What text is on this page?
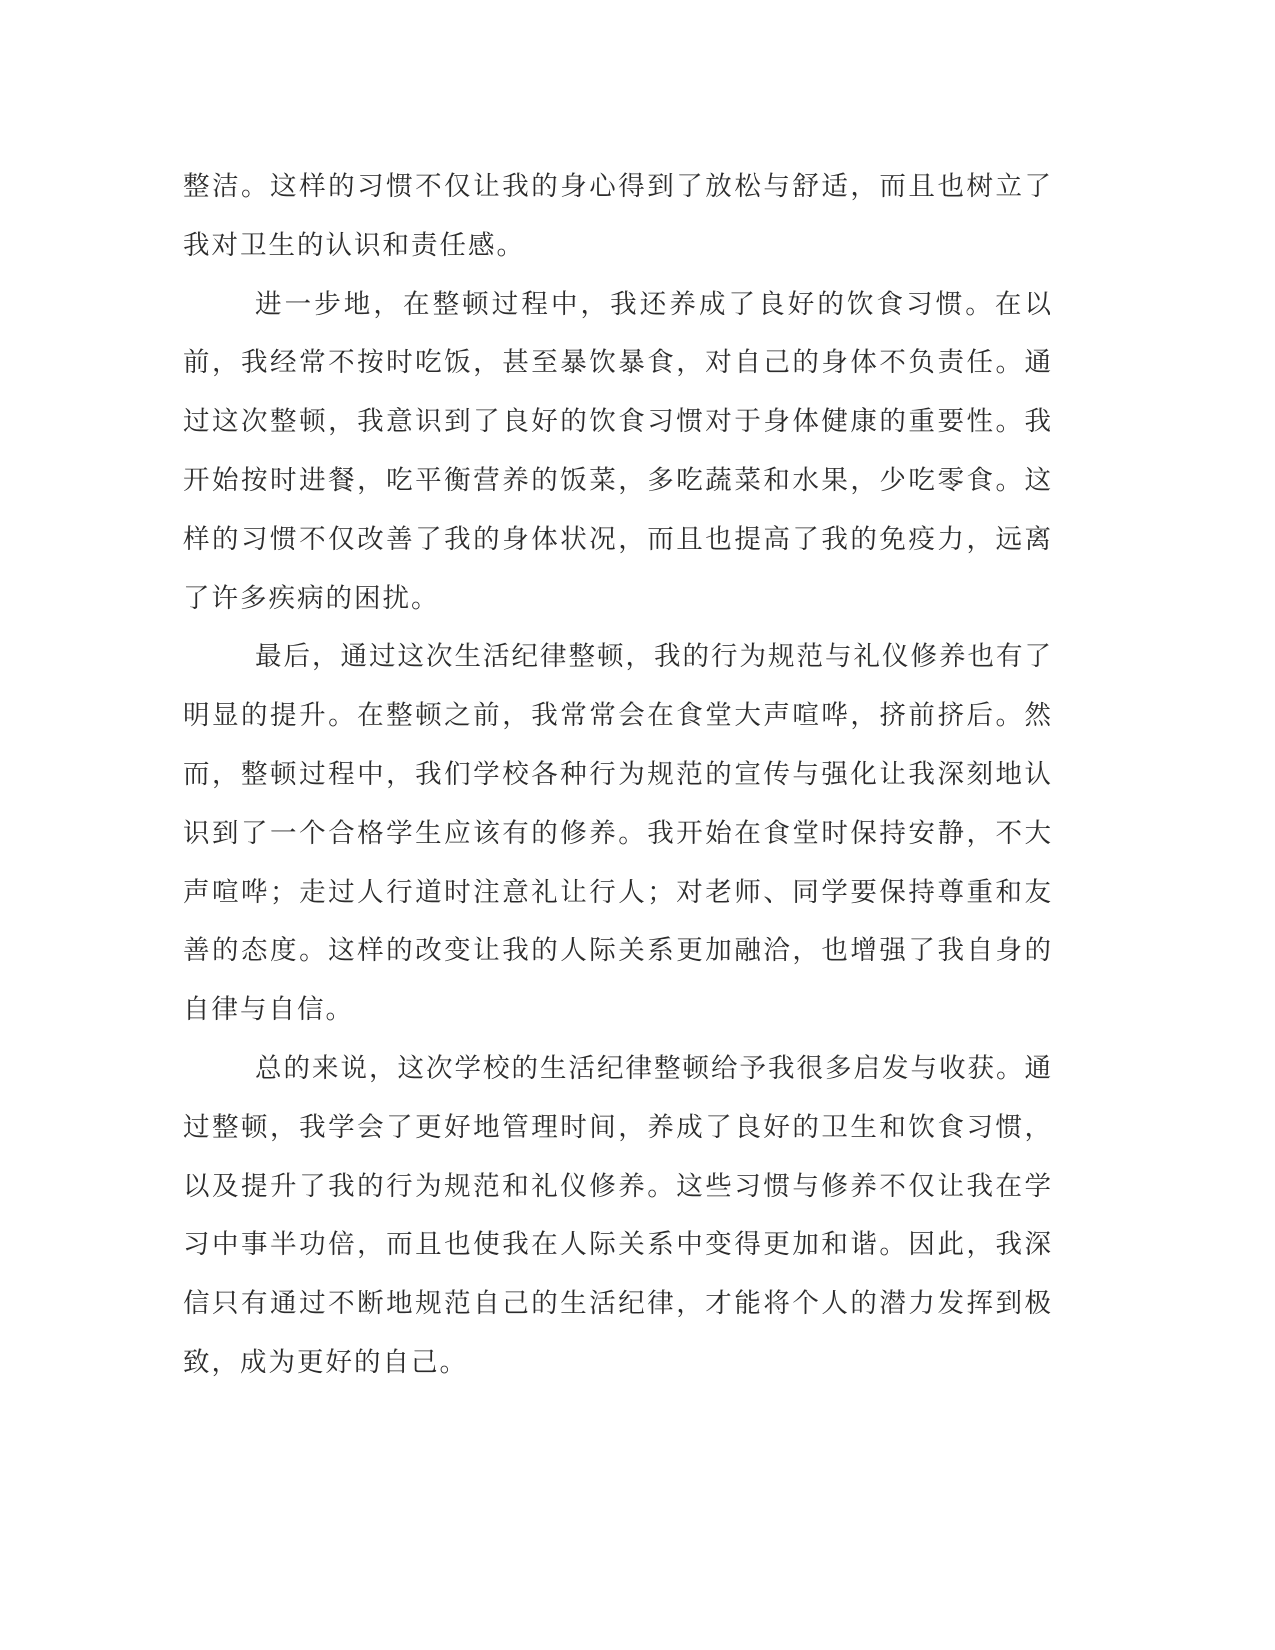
整洁。这样的习惯不仅让我的身心得到了放松与舒适，而且也树立了我对卫生的认识和责任感。

进一步地，在整顿过程中，我还养成了良好的饮食习惯。在以前，我经常不按时吃饭，甚至暴饮暴食，对自己的身体不负责任。通过这次整顿，我意识到了良好的饮食习惯对于身体健康的重要性。我开始按时进餐，吃平衡营养的饭菜，多吃蔬菜和水果，少吃零食。这样的习惯不仅改善了我的身体状况，而且也提高了我的免疫力，远离了许多疾病的困扰。

最后，通过这次生活纪律整顿，我的行为规范与礼仪修养也有了明显的提升。在整顿之前，我常常会在食堂大声喧哗，挤前挤后。然而，整顿过程中，我们学校各种行为规范的宣传与强化让我深刻地认识到了一个合格学生应该有的修养。我开始在食堂时保持安静，不大声喧哗；走过人行道时注意礼让行人；对老师、同学要保持尊重和友善的态度。这样的改变让我的人际关系更加融洽，也增强了我自身的自律与自信。

总的来说，这次学校的生活纪律整顿给予我很多启发与收获。通过整顿，我学会了更好地管理时间，养成了良好的卫生和饮食习惯，以及提升了我的行为规范和礼仪修养。这些习惯与修养不仅让我在学习中事半功倍，而且也使我在人际关系中变得更加和谐。因此，我深信只有通过不断地规范自己的生活纪律，才能将个人的潜力发挥到极致，成为更好的自己。
